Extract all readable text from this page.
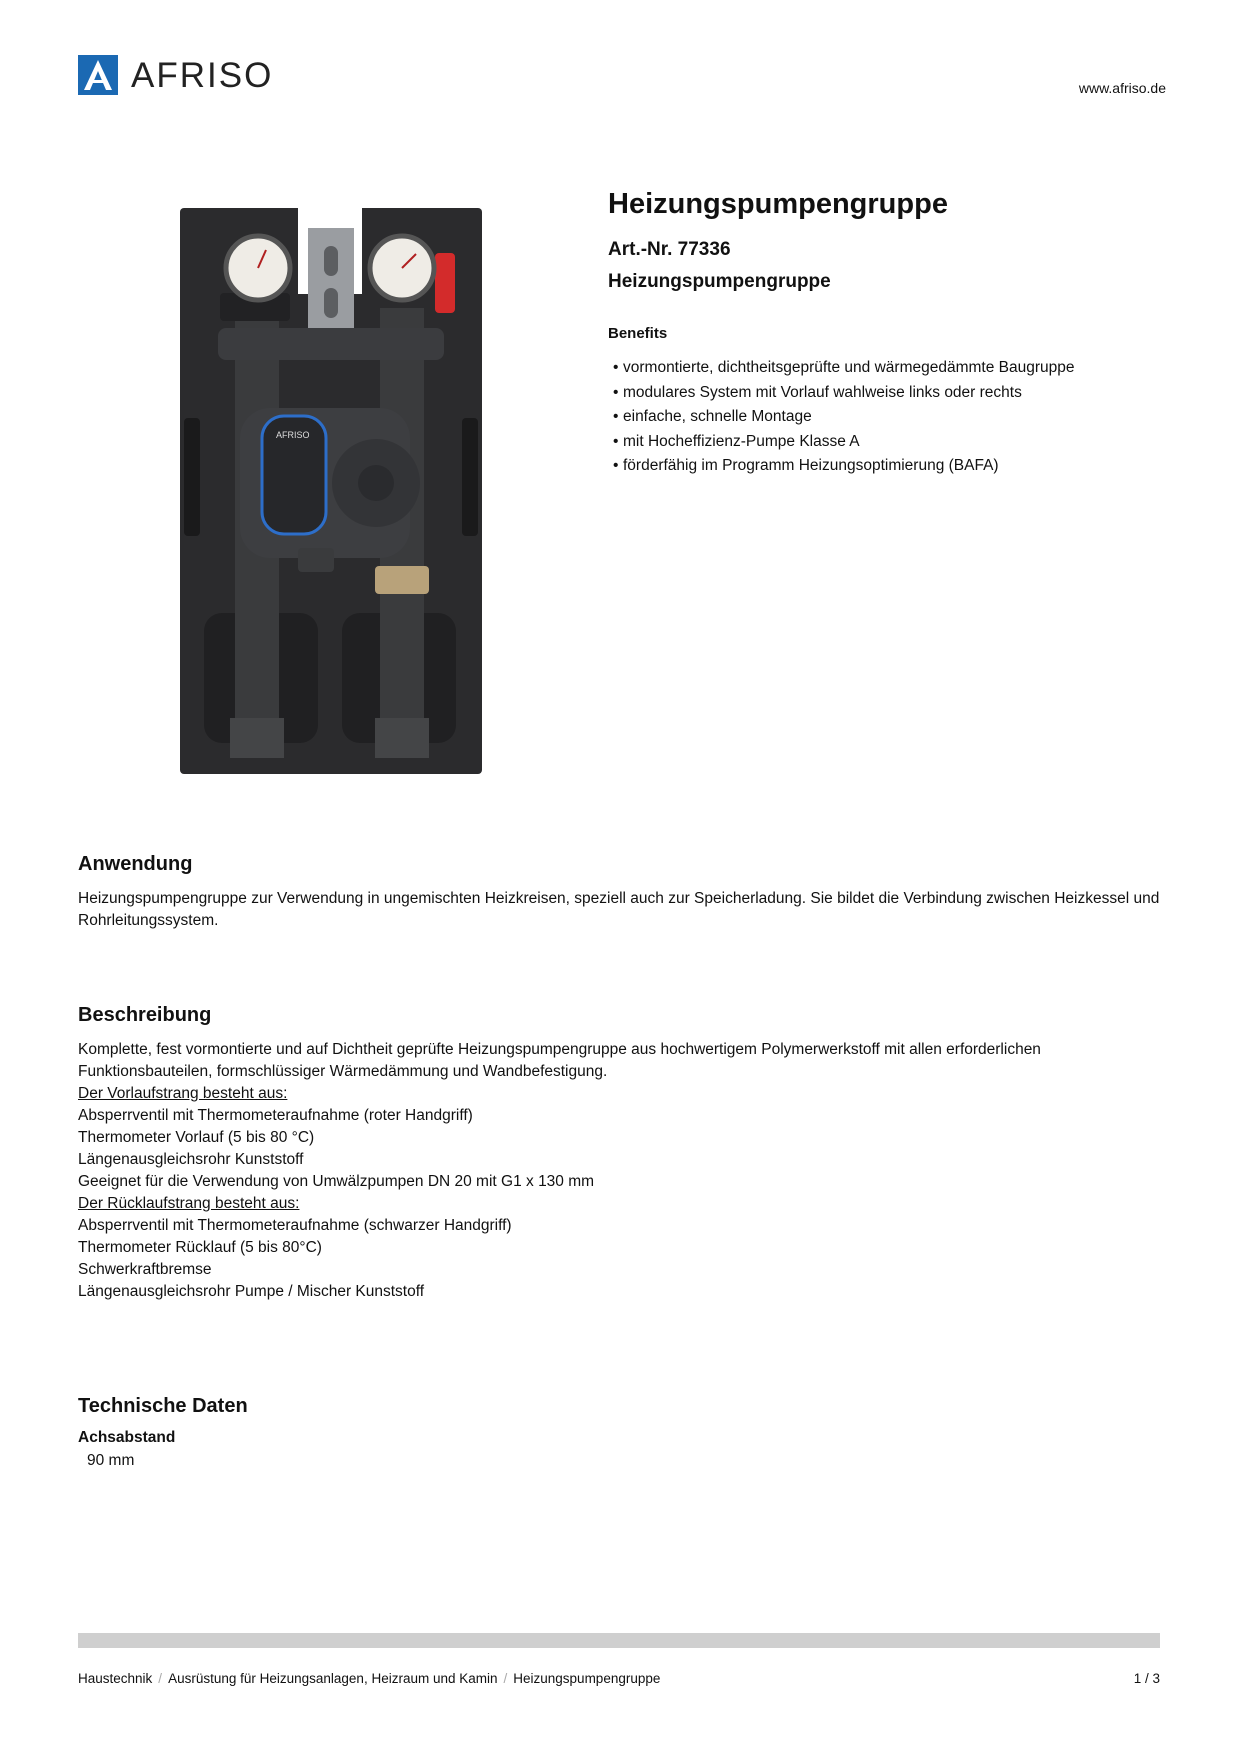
AFRISO	www.afriso.de
AFRISO
Heizungspumpengruppe
Art.-Nr. 77336
Heizungspumpengruppe
Benefits
• vormontierte, dichtheitsgeprüfte und wärmegedämmte Baugruppe
• modulares System mit Vorlauf wahlweise links oder rechts
• einfache, schnelle Montage
• mit Hocheffizienz-Pumpe Klasse A
• förderfähig im Programm Heizungsoptimierung (BAFA)
Anwendung

Heizungspumpengruppe zur Verwendung in ungemischten Heizkreisen, speziell auch zur Speicherladung. Sie bildet die Verbindung zwischen Heizkessel und Rohrleitungssystem.

Beschreibung
Komplette, fest vormontierte und auf Dichtheit geprüfte Heizungspumpengruppe aus hochwertigem Polymerwerkstoff mit allen erforderlichen
Funktionsbauteilen, formschlüssiger Wärmedämmung und Wandbefestigung.
Der Vorlaufstrang besteht aus:
Absperrventil mit Thermometeraufnahme (roter Handgriff)
Thermometer Vorlauf (5 bis 80 °C)
Längenausgleichsrohr Kunststoff
Geeignet für die Verwendung von Umwälzpumpen DN 20 mit G1 x 130 mm
Der Rücklaufstrang besteht aus:
Absperrventil mit Thermometeraufnahme (schwarzer Handgriff)
Thermometer Rücklauf (5 bis 80°C)
Schwerkraftbremse
Längenausgleichsrohr Pumpe / Mischer Kunststoff
Technische Daten
Achsabstand
90 mm
Haustechnik / Ausrüstung für Heizungsanlagen, Heizraum und Kamin / Heizungspumpengruppe	1 / 3
